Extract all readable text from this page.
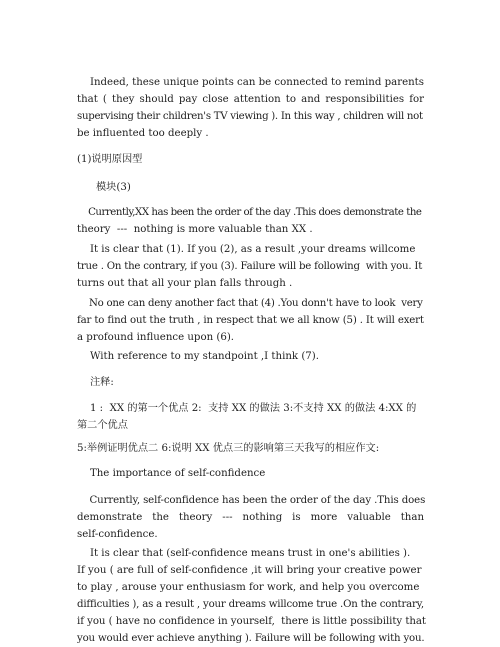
Indeed, these unique points can be connected to remind parents
that ( they should pay close attention to and responsibilities for
supervising their children's TV viewing ). In this way , children will not
be influented too deeply .
(1)说明原因型
模块(3)
Currently,XX has been the order of the day .This does demonstrate the
theory  ---  nothing is more valuable than XX .
It is clear that (1). If you (2), as a result ,your dreams willcome
true . On the contrary, if you (3). Failure will be following  with you. It
turns out that all your plan falls through .
No one can deny another fact that (4) .You donn't have to look  very
far to find out the truth , in respect that we all know (5) . It will exert
a profound influence upon (6).
With reference to my standpoint ,I think (7).
注释:
1 :  XX 的第一个优点 2:  支持 XX 的做法 3:不支持 XX 的做法 4:XX 的
第二个优点
5:举例证明优点二 6:说明 XX 优点三的影响第三天我写的相应作文:
The importance of self-confidence
Currently, self-confidence has been the order of the day .This does
demonstrate the theory --- nothing is more valuable than
self-confidence.
It is clear that (self-confidence means trust in one's abilities ).
If you ( are full of self-confidence ,it will bring your creative power
to play , arouse your enthusiasm for work, and help you overcome
difficulties ), as a result , your dreams willcome true .On the contrary,
if you ( have no confidence in yourself,  there is little possibility that
you would ever achieve anything ). Failure will be following with you.
